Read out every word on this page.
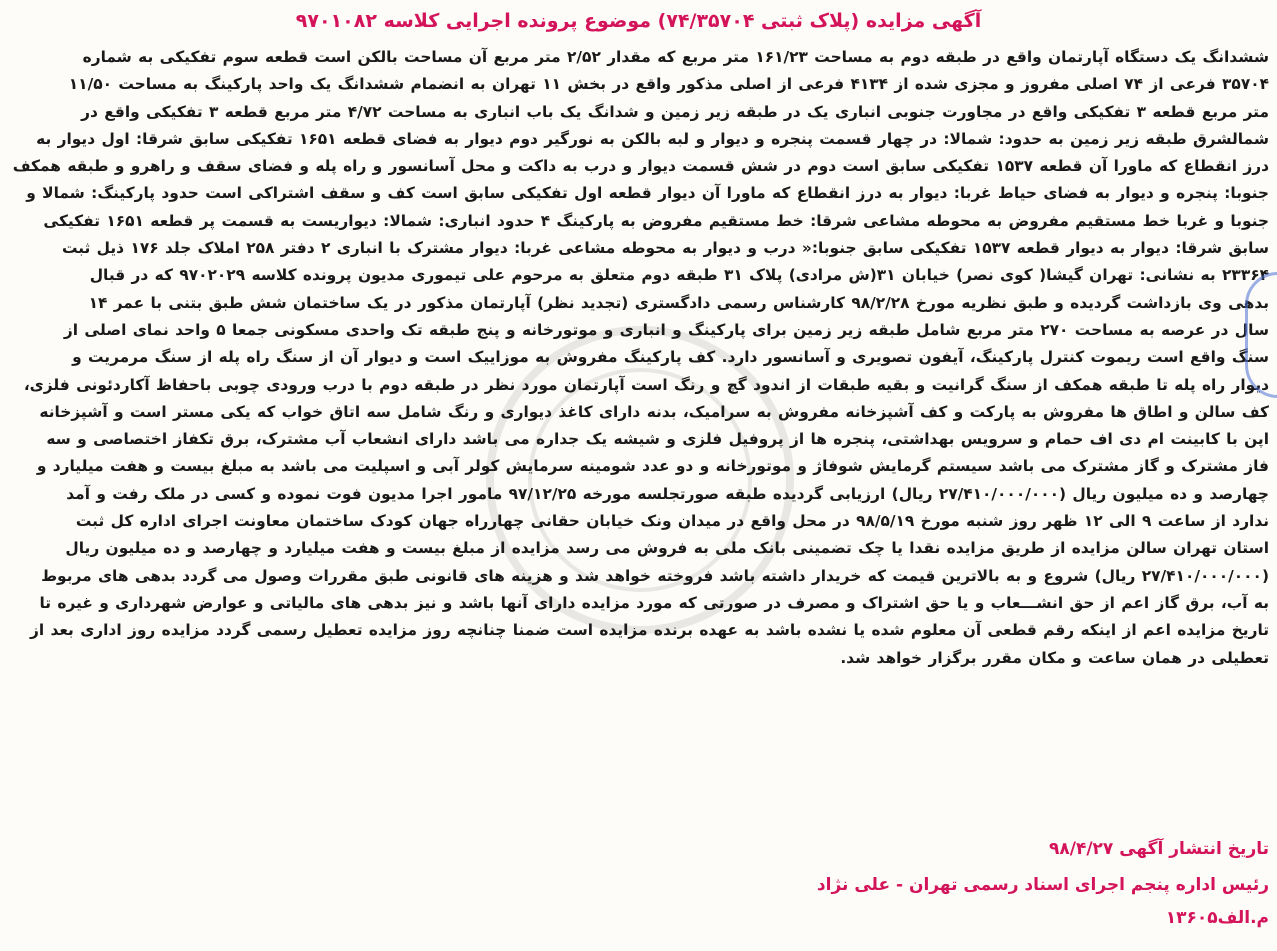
آگهی مزایده (پلاک ثبتی ۷۴/۳۵۷۰۴) موضوع پرونده اجرایی کلاسه ۹۷۰۱۰۸۲
ششدانگ یک دستگاه آپارتمان واقع در طبقه دوم به مساحت ۱۶۱/۲۳ متر مربع که مقدار ۲/۵۲ متر مربع آن مساحت بالکن است قطعه سوم تفکیکی به شماره
۳۵۷۰۴ فرعی از ۷۴ اصلی مفروز و مجزی شده از ۴۱۳۴ فرعی از اصلی مذکور واقع در بخش ۱۱ تهران به انضمام ششدانگ یک واحد پارکینگ به مساحت ۱۱/۵۰
متر مربع قطعه ۳ تفکیکی واقع در مجاورت جنوبی انباری یک در طبقه زیر زمین و شدانگ یک باب انباری به مساحت ۴/۷۲ متر مربع قطعه ۳ تفکیکی واقع در
شمالشرق طبقه زیر زمین به حدود: شمالا: در چهار قسمت پنجره و دیوار و لبه بالکن به نورگیر دوم دیوار به فضای قطعه ۱۶۵۱ تفکیکی سابق شرقا: اول دیوار به
درز انقطاع که ماورا آن قطعه ۱۵۳۷ تفکیکی سابق است دوم در شش قسمت دیوار و درب به داکت و محل آسانسور و راه پله و فضای سقف و راهرو و طبقه همکف
جنوبا: پنجره و دیوار به فضای حیاط غربا: دیوار به درز انقطاع که ماورا آن دیوار قطعه اول تفکیکی سابق است کف و سقف اشتراکی است حدود پارکینگ: شمالا و
جنوبا و غربا خط مستقیم مفروض به محوطه مشاعی شرقا: خط مستقیم مفروض به پارکینگ ۴ حدود انباری: شمالا: دیواریست به قسمت پر قطعه ۱۶۵۱ تفکیکی
سابق شرقا: دیوار به دیوار قطعه ۱۵۳۷ تفکیکی سابق جنوبا:« درب و دیوار به محوطه مشاعی غربا: دیوار مشترک با انباری ۲ دفتر ۲۵۸ املاک جلد ۱۷۶ ذیل ثبت
۲۳۳۶۴ به نشانی: تهران گیشا( کوی نصر) خیابان ۳۱(ش مرادی) پلاک ۳۱ طبقه دوم متعلق به مرحوم علی تیموری مدیون پرونده کلاسه ۹۷۰۲۰۲۹ که در قبال
بدهی وی بازداشت گردیده و طبق نظریه مورخ ۹۸/۲/۲۸ کارشناس رسمی دادگستری (تجدید نظر) آپارتمان مذکور در یک ساختمان شش طبق بتنی با عمر ۱۴
سال در عرصه به مساحت ۲۷۰ متر مربع شامل طبقه زیر زمین برای پارکینگ و انباری و موتورخانه و پنج طبقه تک واحدی مسکونی جمعا ۵ واحد نمای اصلی از
سنگ واقع است ریموت کنترل پارکینگ، آیفون تصویری و آسانسور دارد. کف پارکینگ مفروش به موزاییک است و دیوار آن از سنگ راه پله از سنگ مرمریت و
دیوار راه پله تا طبقه همکف از سنگ گرانیت و بقیه طبقات از اندود گچ و رنگ است آپارتمان مورد نظر در طبقه دوم با درب ورودی چوبی باحفاظ آکاردئونی فلزی،
کف سالن و اطاق ها مفروش به پارکت و کف آشپزخانه مفروش به سرامیک، بدنه دارای کاغذ دیواری و رنگ شامل سه اتاق خواب که یکی مستر است و آشپزخانه
اپن با کابینت ام دی اف حمام و سرویس بهداشتی، پنجره ها از پروفیل فلزی و شیشه یک جداره می باشد دارای انشعاب آب مشترک، برق تکفاز اختصاصی و سه
فاز مشترک و گاز مشترک می باشد سیستم گرمایش شوفاژ و موتورخانه و دو عدد شومینه سرمایش کولر آبی و اسپلیت می باشد به مبلغ بیست و هفت میلیارد و
چهارصد و ده میلیون ریال (۲۷/۴۱۰/۰۰۰/۰۰۰ ریال) ارزیابی گردیده طبقه صورتجلسه مورخه ۹۷/۱۲/۲۵ مامور اجرا مدیون فوت نموده و کسی در ملک رفت و آمد
ندارد از ساعت ۹ الی ۱۲ ظهر روز شنبه مورخ ۹۸/۵/۱۹ در محل واقع در میدان ونک خیابان حقانی چهارراه جهان کودک ساختمان معاونت اجرای اداره کل ثبت
استان تهران سالن مزایده از طریق مزایده نقدا یا چک تضمینی بانک ملی به فروش می رسد مزایده از مبلغ بیست و هفت میلیارد و چهارصد و ده میلیون ریال
(۲۷/۴۱۰/۰۰۰/۰۰۰ ریال) شروع و به بالاترین قیمت که خریدار داشته باشد فروخته خواهد شد و هزینه های قانونی طبق مقررات وصول می گردد بدهی های مربوط
به آب، برق گاز اعم از حق انشـــعاب و یا حق اشتراک و مصرف در صورتی که مورد مزایده دارای آنها باشد و نیز بدهی های مالیاتی و عوارض شهرداری و غیره تا
تاریخ مزایده اعم از اینکه رقم قطعی آن معلوم شده یا نشده باشد به عهده برنده مزایده است ضمنا چنانچه روز مزایده تعطیل رسمی گردد مزایده روز اداری بعد از
تعطیلی در همان ساعت و مکان مقرر برگزار خواهد شد.
تاریخ انتشار آگهی ۹۸/۴/۲۷
رئیس اداره پنجم اجرای اسناد رسمی تهران - علی نژاد
م.الف۱۳۶۰۵
